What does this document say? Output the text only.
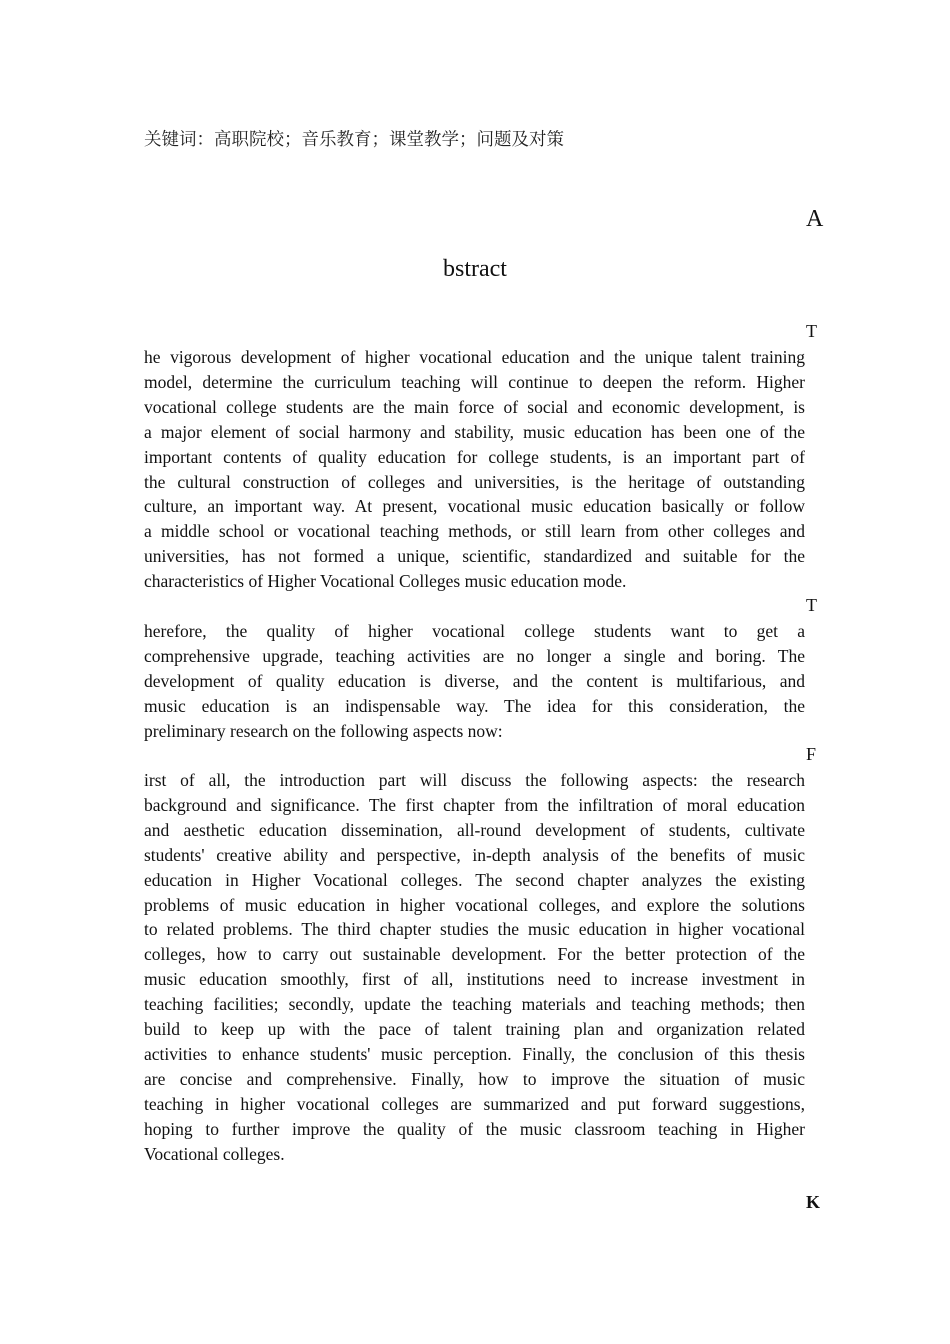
关键词：高职院校；音乐教育；课堂教学；问题及对策
A
bstract
T
he vigorous development of higher vocational education and the unique talent training
model, determine the curriculum teaching will continue to deepen the reform. Higher
vocational college students are the main force of social and economic development, is
a major element of social harmony and stability, music education has been one of the
important contents of quality education for college students, is an important part of
the cultural construction of colleges and universities, is the heritage of outstanding
culture, an important way. At present, vocational music education basically or follow
a middle school or vocational teaching methods, or still learn from other colleges and
universities, has not formed a unique, scientific, standardized and suitable for the
characteristics of Higher Vocational Colleges music education mode.
T
herefore, the quality of higher vocational college students want to get a
comprehensive upgrade, teaching activities are no longer a single and boring. The
development of quality education is diverse, and the content is multifarious, and
music education is an indispensable way. The idea for this consideration, the
preliminary research on the following aspects now:
F
irst of all, the introduction part will discuss the following aspects: the research
background and significance. The first chapter from the infiltration of moral education
and aesthetic education dissemination, all-round development of students, cultivate
students' creative ability and perspective, in-depth analysis of the benefits of music
education in Higher Vocational colleges. The second chapter analyzes the existing
problems of music education in higher vocational colleges, and explore the solutions
to related problems. The third chapter studies the music education in higher vocational
colleges, how to carry out sustainable development. For the better protection of the
music education smoothly, first of all, institutions need to increase investment in
teaching facilities; secondly, update the teaching materials and teaching methods; then
build to keep up with the pace of talent training plan and organization related
activities to enhance students' music perception. Finally, the conclusion of this thesis
are concise and comprehensive. Finally, how to improve the situation of music
teaching in higher vocational colleges are summarized and put forward suggestions,
hoping to further improve the quality of the music classroom teaching in Higher
Vocational colleges.
K
